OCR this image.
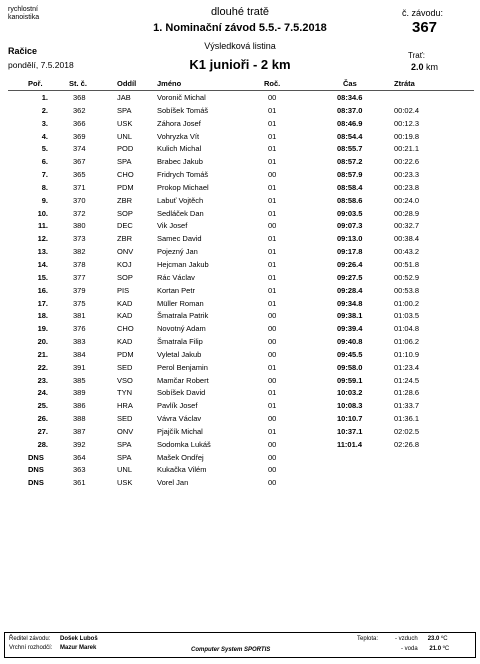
rychlostní
kanoistika	dlouhé tratě	č. závodu:
367
1. Nominační závod 5.5.- 7.5.2018
Výsledková listina
Račice
pondělí, 7.5.2018	K1 junioři - 2 km
Trať:
2.0 km
Poř.	St. č.	Oddíl	Jméno	Roč.	Čas	Ztráta
1.	368	JAB	Voronič Michal	00	08:34.6
2.	362	SPA	Sobíšek Tomáš	01	08:37.0	00:02.4
3.	366	USK	Záhora Josef	01	08:46.9	00:12.3
4.	369	UNL	Vohryzka Vít	01	08:54.4	00:19.8
5.	374	POD	Kulich Michal	01	08:55.7	00:21.1
6.	367	SPA	Brabec Jakub	01	08:57.2	00:22.6
7.	365	CHO	Fridrych Tomáš	00	08:57.9	00:23.3
8.	371	PDM	Prokop Michael	01	08:58.4	00:23.8
9.	370	ZBR	Labuť Vojtěch	01	08:58.6	00:24.0
10.	372	SOP	Sedláček Dan	01	09:03.5	00:28.9
11.	380	DEC	Vik Josef	00	09:07.3	00:32.7
12.	373	ZBR	Samec David	01	09:13.0	00:38.4
13.	382	ONV	Pojezný Jan	01	09:17.8	00:43.2
14.	378	KOJ	Hejcman Jakub	01	09:26.4	00:51.8
15.	377	SOP	Rác Václav	01	09:27.5	00:52.9
16.	379	PIS	Kortan Petr	01	09:28.4	00:53.8
17.	375	KAD	Müller Roman	01	09:34.8	01:00.2
18.	381	KAD	Šmatrala Patrik	00	09:38.1	01:03.5
19.	376	CHO	Novotný Adam	00	09:39.4	01:04.8
20.	383	KAD	Šmatrala Filip	00	09:40.8	01:06.2
21.	384	PDM	Vyletal Jakub	00	09:45.5	01:10.9
22.	391	SED	Perol Benjamin	01	09:58.0	01:23.4
23.	385	VSO	Mamčar Robert	00	09:59.1	01:24.5
24.	389	TYN	Sobíšek David	01	10:03.2	01:28.6
25.	386	HRA	Pavlík Josef	01	10:08.3	01:33.7
26.	388	SED	Vávra Václav	00	10:10.7	01:36.1
27.	387	ONV	Pjajčík Michal	01	10:37.1	02:02.5
28.	392	SPA	Sodomka Lukáš	00	11:01.4	02:26.8
DNS	364	SPA	Mašek Ondřej	00
DNS	363	UNL	Kukačka Vilém	00
DNS	361	USK	Vorel Jan	00
Ředitel závodu: Došek Luboš
Vrchní rozhodčí: Mazur Marek	Computer System SPORTIS
Teplota:	- vzduch 23.0 ºC
- voda 21.0 ºC
